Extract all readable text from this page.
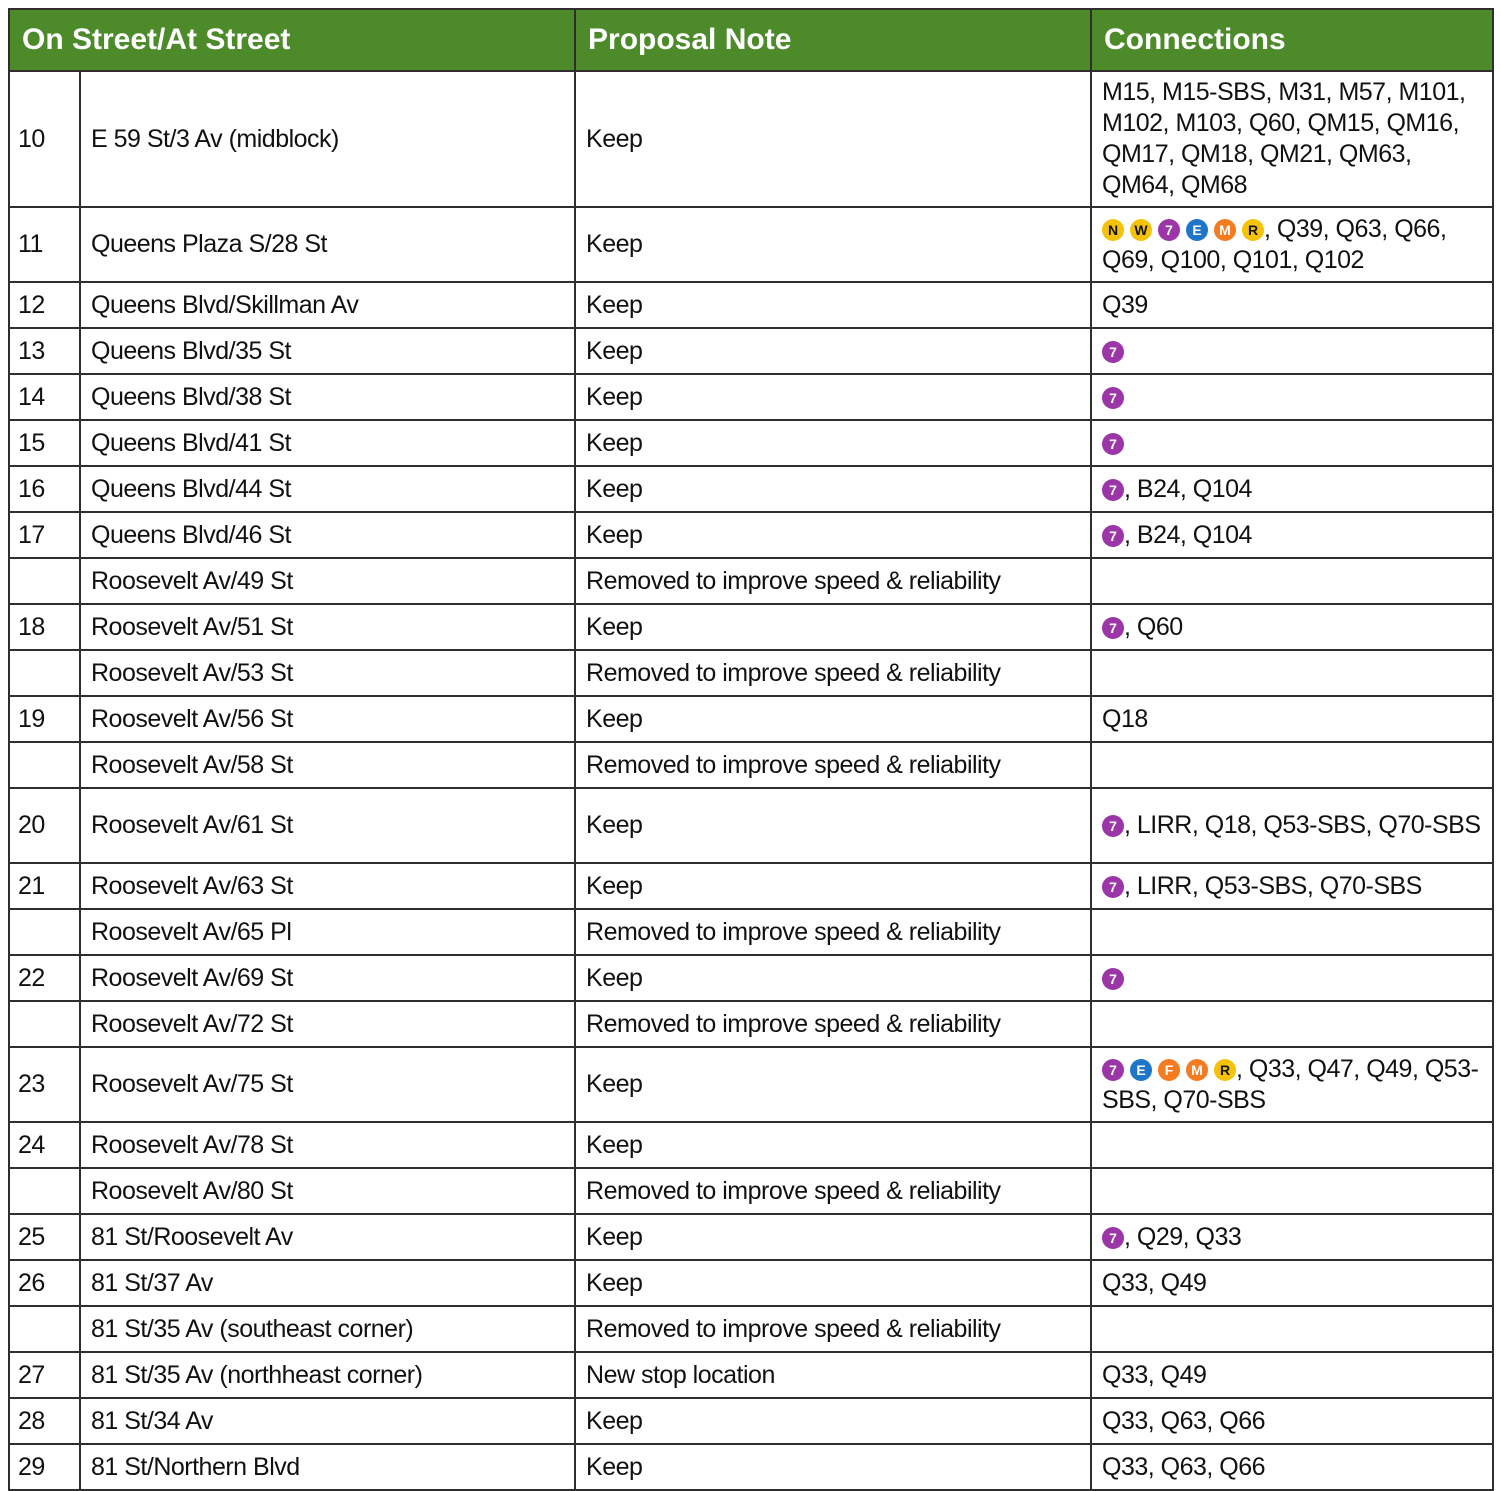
On Street/At Street		Proposal Note	Connections
10	E 59 St/3 Av (midblock)	Keep	M15, M15-SBS, M31, M57, M101, M102, M103, Q60, QM15, QM16, QM17, QM18, QM21, QM63, QM64, QM68
11	Queens Plaza S/28 St	Keep	N W 7 E M R , Q39, Q63, Q66, Q69, Q100, Q101, Q102
12	Queens Blvd/Skillman Av	Keep	Q39
13	Queens Blvd/35 St	Keep	7
14	Queens Blvd/38 St	Keep	7
15	Queens Blvd/41 St	Keep	7
16	Queens Blvd/44 St	Keep	7 , B24, Q104
17	Queens Blvd/46 St	Keep	7 , B24, Q104
	Roosevelt Av/49 St	Removed to improve speed & reliability	
18	Roosevelt Av/51 St	Keep	7 , Q60
	Roosevelt Av/53 St	Removed to improve speed & reliability	
19	Roosevelt Av/56 St	Keep	Q18
	Roosevelt Av/58 St	Removed to improve speed & reliability	
20	Roosevelt Av/61 St	Keep	7 , LIRR, Q18, Q53-SBS, Q70-SBS
21	Roosevelt Av/63 St	Keep	7 , LIRR, Q53-SBS, Q70-SBS
	Roosevelt Av/65 Pl	Removed to improve speed & reliability	
22	Roosevelt Av/69 St	Keep	7
	Roosevelt Av/72 St	Removed to improve speed & reliability	
23	Roosevelt Av/75 St	Keep	7 E F M R , Q33, Q47, Q49, Q53-SBS, Q70-SBS
24	Roosevelt Av/78 St	Keep	
	Roosevelt Av/80 St	Removed to improve speed & reliability	
25	81 St/Roosevelt Av	Keep	7 , Q29, Q33
26	81 St/37 Av	Keep	Q33, Q49
	81 St/35 Av (southeast corner)	Removed to improve speed & reliability	
27	81 St/35 Av (northheast corner)	New stop location	Q33, Q49
28	81 St/34 Av	Keep	Q33, Q63, Q66
29	81 St/Northern Blvd	Keep	Q33, Q63, Q66
